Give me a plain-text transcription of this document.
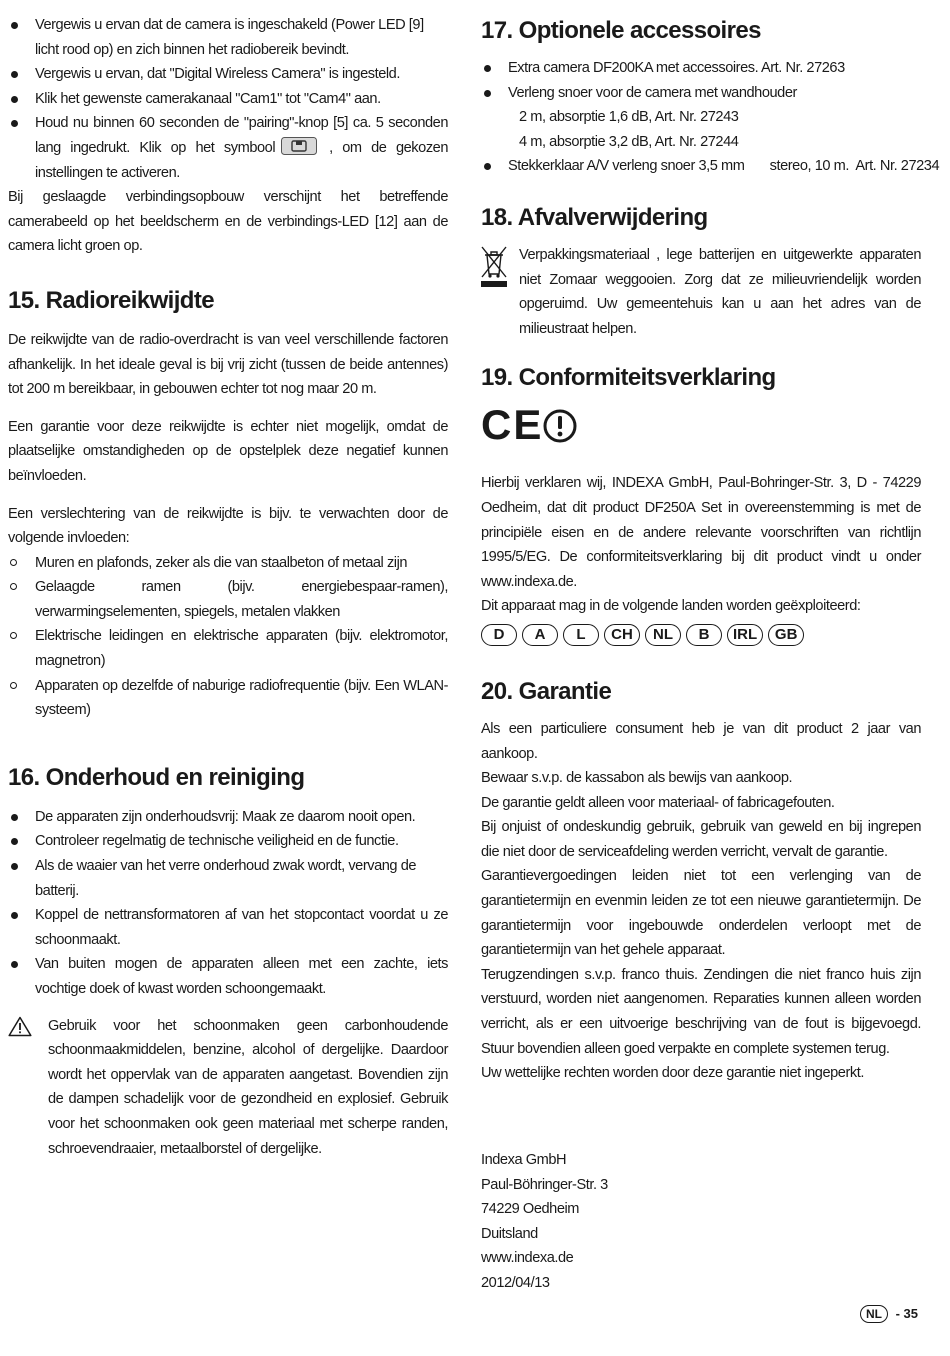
Vergewis u ervan dat de camera is ingeschakeld (Power LED [9] licht rood op) en zich binnen het radiobereik bevindt.
Vergewis u ervan, dat "Digital Wireless Camera" is ingesteld.
Klik het gewenste camerakanaal "Cam1" tot "Cam4" aan.
Houd nu binnen 60 seconden de "pairing"-knop [5] ca. 5 seconden lang ingedrukt. Klik op het symbool	, om de gekozen instellingen te activeren.

Bij geslaagde verbindingsopbouw verschijnt het betreffende camerabeeld op het beeldscherm en de verbindings-LED [12] aan de camera licht groen op.

15. Radioreikwijdte

De reikwijdte van de radio-overdracht is van veel verschillende factoren afhankelijk. In het ideale geval is bij vrij zicht (tussen de beide antennes) tot 200 m bereikbaar, in gebouwen echter tot nog maar 20 m.

Een garantie voor deze reikwijdte is echter niet mogelijk, omdat de plaatselijke omstandigheden op de opstelplek deze negatief kunnen beïnvloeden.

Een verslechtering van de reikwijdte is bijv. te verwachten door de volgende invloeden:

Muren en plafonds, zeker als die van staalbeton of metaal zijn
Gelaagde ramen (bijv. energiebespaar-ramen), verwarmingselementen, spiegels, metalen vlakken
Elektrische leidingen en elektrische apparaten (bijv. elektromotor, magnetron)
Apparaten op dezelfde of naburige radiofrequentie (bijv. Een WLAN-systeem)
16. Onderhoud en reiniging
De apparaten zijn onderhoudsvrij: Maak ze daarom nooit open.
Controleer regelmatig de technische veiligheid en de functie.
Als de waaier van het verre onderhoud zwak wordt, vervang de batterij.
Koppel de nettransformatoren af van het stopcontact voordat u ze schoonmaakt.
Van buiten mogen de apparaten alleen met een zachte, iets vochtige doek of kwast worden schoongemaakt.
Gebruik voor het schoonmaken geen carbonhoudende schoonmaakmiddelen, benzine, alcohol of dergelijke. Daardoor wordt het oppervlak van de apparaten aangetast. Bovendien zijn de dampen schadelijk voor de gezondheid en explosief. Gebruik voor het schoonmaken ook geen materiaal met scherpe randen, schroevendraaier, metaalborstel of dergelijke.
17. Optionele accessoires
Extra camera DF200KA met accessoires. Art. Nr. 27263
Verleng snoer voor de camera met wandhouder
2 m, absorptie 1,6 dB, Art. Nr. 27243
4 m, absorptie 3,2 dB, Art. Nr. 27244
Stekkerklaar A/V verleng snoer 3,5 mm       stereo, 10 m.  Art. Nr. 27234
18. Afvalverwijdering
Verpakkingsmateriaal , lege batterijen en uitgewerkte apparaten niet Zomaar weggooien. Zorg dat ze milieuvriendelijk worden opgeruimd. Uw gemeentehuis kan u aan het adres van de milieustraat helpen.
19. Conformiteitsverklaring
CE

Hierbij verklaren wij, INDEXA GmbH, Paul-Bohringer-Str. 3, D - 74229 Oedheim, dat dit product DF250A Set in overeenstemming is met de principiële eisen en de andere relevante voorschriften van richtlijn 1995/5/EG. De conformiteitsverklaring bij dit product vindt u onder www.indexa.de.

Dit apparaat mag in de volgende landen worden geëxploiteerd:

D A L CH NL B IRL GB
20. Garantie

Als een particuliere consument heb je van dit product 2 jaar van aankoop.

Bewaar s.v.p. de kassabon als bewijs van aankoop.

De garantie geldt alleen voor materiaal- of fabricagefouten.

Bij onjuist of ondeskundig gebruik, gebruik van geweld en bij ingrepen die niet door de serviceafdeling werden verricht, vervalt de garantie.

Garantievergoedingen leiden niet tot een verlenging van de garantietermijn en evenmin leiden ze tot een nieuwe garantietermijn. De garantietermijn voor ingebouwde onderdelen verloopt met de garantietermijn van het gehele apparaat.

Terugzendingen s.v.p. franco thuis. Zendingen die niet franco huis zijn verstuurd, worden niet aangenomen. Reparaties kunnen alleen worden verricht, als er een uitvoerige beschrijving van de fout is bijgevoegd. Stuur bovendien alleen goed verpakte en complete systemen terug.

Uw wettelijke rechten worden door deze garantie niet ingeperkt.

Indexa GmbH
Paul-Böhringer-Str. 3
74229 Oedheim
Duitsland
www.indexa.de
2012/04/13
NL	- 35
